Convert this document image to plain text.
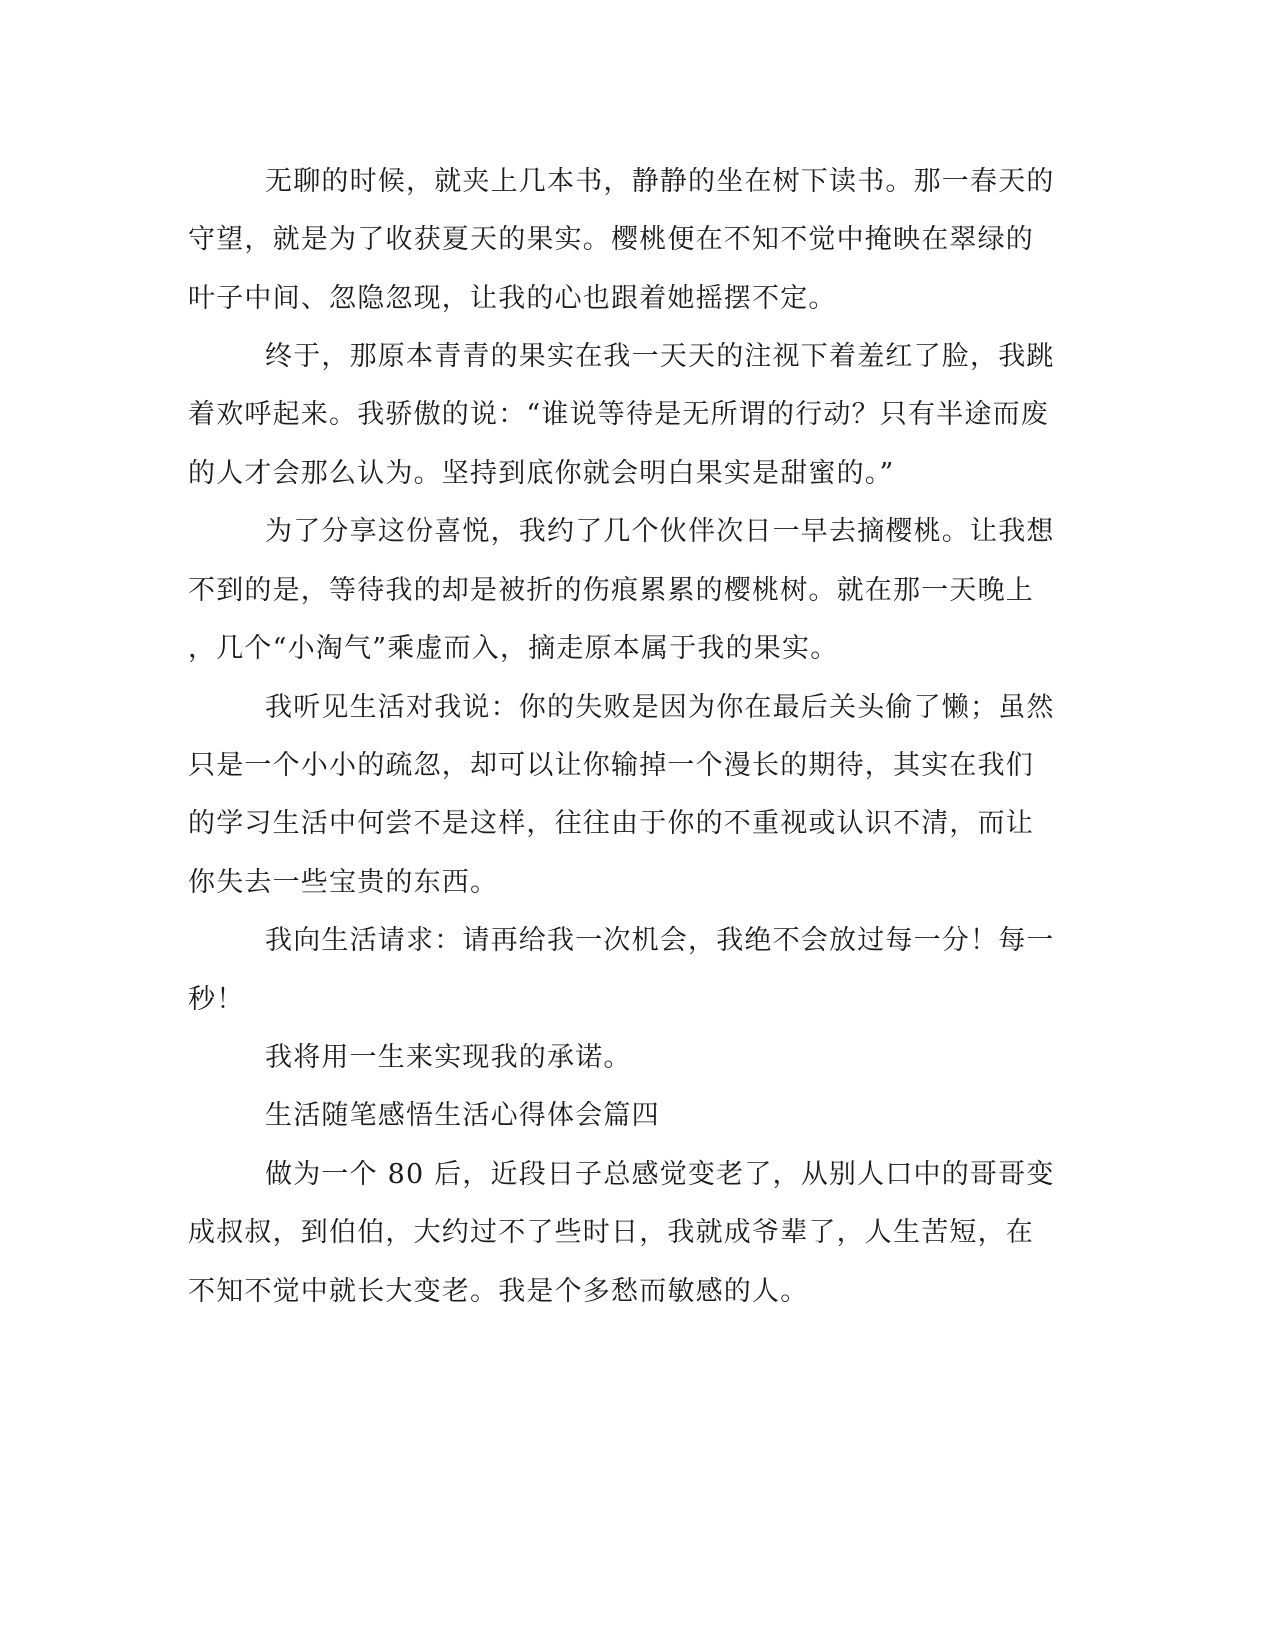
无聊的时候，就夹上几本书，静静的坐在树下读书。那一春天的
守望，就是为了收获夏天的果实。樱桃便在不知不觉中掩映在翠绿的
叶子中间、忽隐忽现，让我的心也跟着她摇摆不定。
终于，那原本青青的果实在我一天天的注视下着羞红了脸，我跳
着欢呼起来。我骄傲的说：“谁说等待是无所谓的行动？只有半途而废
的人才会那么认为。坚持到底你就会明白果实是甜蜜的。”
为了分享这份喜悦，我约了几个伙伴次日一早去摘樱桃。让我想
不到的是，等待我的却是被折的伤痕累累的樱桃树。就在那一天晚上
，几个“小淘气”乘虚而入，摘走原本属于我的果实。
我听见生活对我说：你的失败是因为你在最后关头偷了懒；虽然
只是一个小小的疏忽，却可以让你输掉一个漫长的期待，其实在我们
的学习生活中何尝不是这样，往往由于你的不重视或认识不清，而让
你失去一些宝贵的东西。
我向生活请求：请再给我一次机会，我绝不会放过每一分！每一
秒！
我将用一生来实现我的承诺。
生活随笔感悟生活心得体会篇四
做为一个 80 后，近段日子总感觉变老了，从别人口中的哥哥变
成叔叔，到伯伯，大约过不了些时日，我就成爷辈了，人生苦短，在
不知不觉中就长大变老。我是个多愁而敏感的人。
